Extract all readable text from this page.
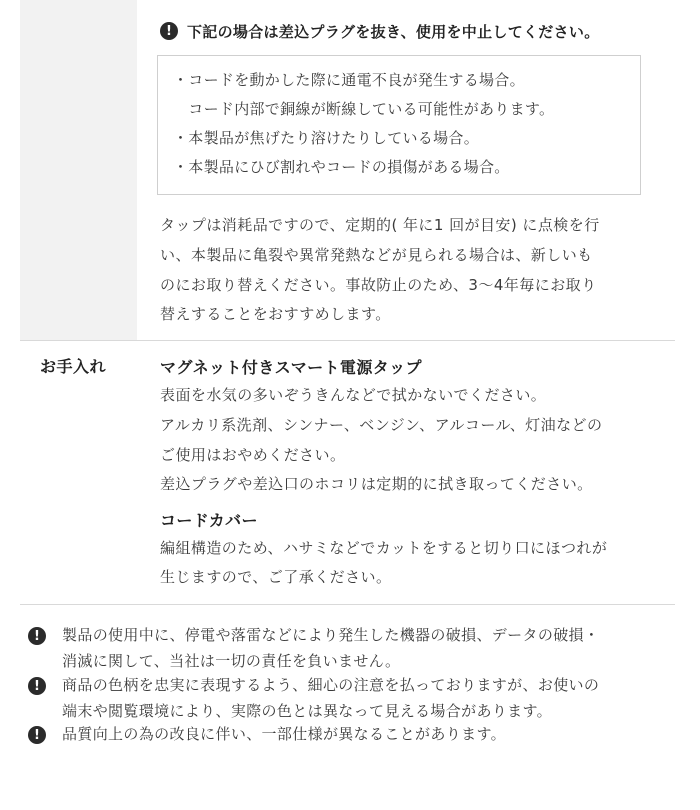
!	下記の場合は差込プラグを抜き、使用を中止してください。
・コードを動かした際に通電不良が発生する場合。
　コード内部で銅線が断線している可能性があります。
・本製品が焦げたり溶けたりしている場合。
・本製品にひび割れやコードの損傷がある場合。
タップは消耗品ですので、定期的( 年に1 回が目安) に点検を行
い、本製品に亀裂や異常発熱などが見られる場合は、新しいも
のにお取り替えください。事故防止のため、3～4年毎にお取り
替えすることをおすすめします。
お手入れ	マグネット付きスマート電源タップ
表面を水気の多いぞうきんなどで拭かないでください。
アルカリ系洗剤、シンナー、ベンジン、アルコール、灯油などの
ご使用はおやめください。
差込プラグや差込口のホコリは定期的に拭き取ってください。
コードカバー
編組構造のため、ハサミなどでカットをすると切り口にほつれが
生じますので、ご了承ください。
!	製品の使用中に、停電や落雷などにより発生した機器の破損、データの破損・
消滅に関して、当社は一切の責任を負いません。
!	商品の色柄を忠実に表現するよう、細心の注意を払っておりますが、お使いの
端末や閲覧環境により、実際の色とは異なって見える場合があります。
!	品質向上の為の改良に伴い、一部仕様が異なることがあります。
